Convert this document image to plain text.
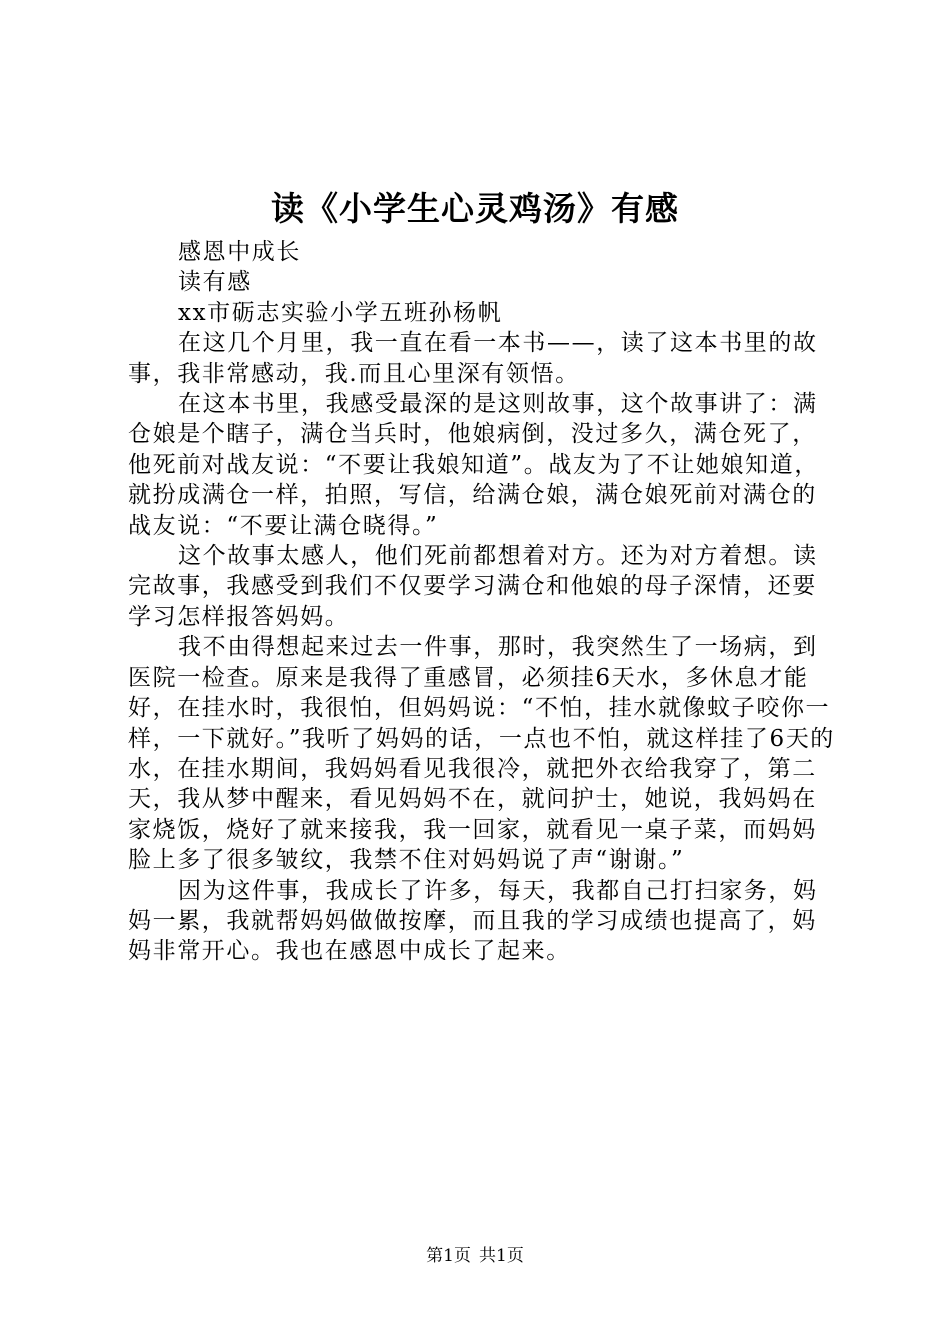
读《小学生心灵鸡汤》有感

感恩中成长

读有感

xx市砺志实验小学五班孙杨帆

在这几个月里，我一直在看一本书——，读了这本书里的故事，我非常感动，我.而且心里深有领悟。

在这本书里，我感受最深的是这则故事，这个故事讲了：满仓娘是个瞎子，满仓当兵时，他娘病倒，没过多久，满仓死了，他死前对战友说：“不要让我娘知道”。战友为了不让她娘知道，就扮成满仓一样，拍照，写信，给满仓娘，满仓娘死前对满仓的战友说：“不要让满仓晓得。”

这个故事太感人，他们死前都想着对方。还为对方着想。读完故事，我感受到我们不仅要学习满仓和他娘的母子深情，还要学习怎样报答妈妈。

我不由得想起来过去一件事，那时，我突然生了一场病，到医院一检查。原来是我得了重感冒，必须挂6天水，多休息才能好，在挂水时，我很怕，但妈妈说：“不怕，挂水就像蚊子咬你一样，一下就好。”我听了妈妈的话，一点也不怕，就这样挂了6天的水，在挂水期间，我妈妈看见我很冷，就把外衣给我穿了，第二天，我从梦中醒来，看见妈妈不在，就问护士，她说，我妈妈在家烧饭，烧好了就来接我，我一回家，就看见一桌子菜，而妈妈脸上多了很多皱纹，我禁不住对妈妈说了声“谢谢。”

因为这件事，我成长了许多，每天，我都自己打扫家务，妈妈一累，我就帮妈妈做做按摩，而且我的学习成绩也提高了，妈妈非常开心。我也在感恩中成长了起来。

第1页 共1页
